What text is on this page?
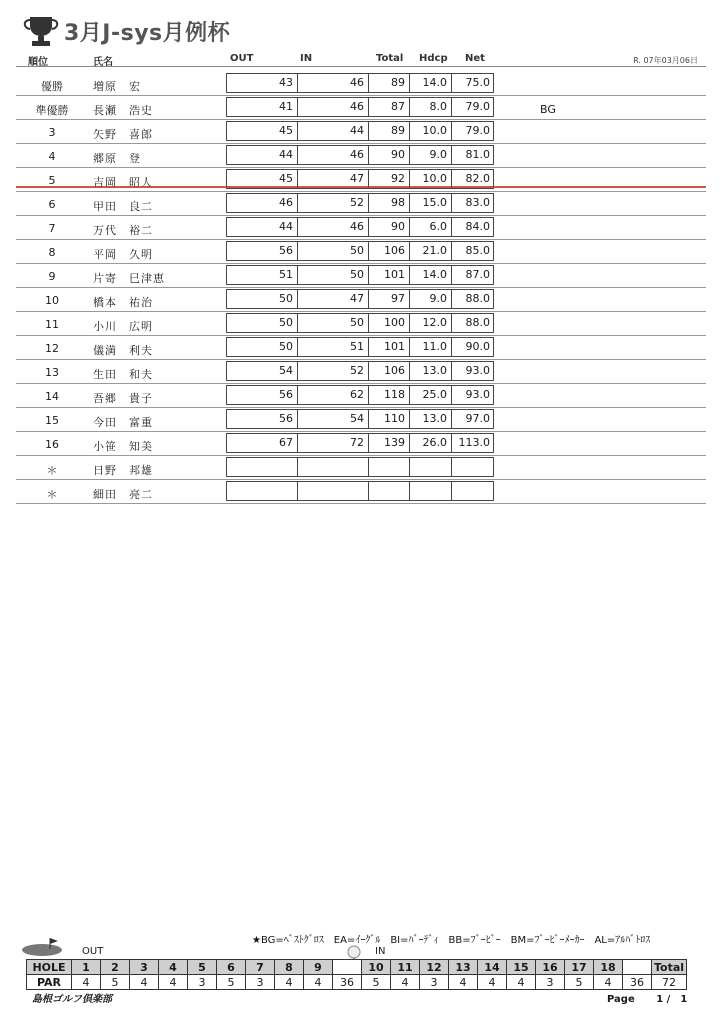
3月J-sys月例杯
R. 07年03月06日
順位	氏名	OUT	IN	Total Hdcp Net
優勝	増原　宏	43	46 89 14.0 75.0
準優勝	長瀬　浩史	41	46 87 8.0 79.0	BG
3	矢野　喜郎	45	44 89 10.0 79.0
4	郷原　登	44	46 90 9.0 81.0
5	吉岡　昭人	45	47 92 10.0 82.0
6	甲田　良二	46	52 98 15.0 83.0
7	万代　裕二	44	46 90 6.0 84.0
8	平岡　久明	56	50 106 21.0 85.0
9	片寄　巳津恵	51	50 101 14.0 87.0
10	橋本　祐治	50	47 97 9.0 88.0
11	小川　広明	50	50 100 12.0 88.0
12	儀満　利夫	50	51 101 11.0 90.0
13	生田　和夫	54	52 106 13.0 93.0
14	吾郷　貴子	56	62 118 25.0 93.0
15	今田　富重	56	54 110 13.0 97.0
16	小笹　知美	67	72 139 26.0 113.0
＊	日野　邦雄
＊	細田　亮二
★BG=ﾍﾞｽﾄｸﾞﾛｽ　EA=ｲｰｸﾞﾙ　BI=ﾊﾞｰﾃﾞｨ　BB=ﾌﾞｰﾋﾞｰ　BM=ﾌﾞｰﾋﾞｰﾒｰｶｰ　AL=ｱﾙﾊﾞﾄﾛｽ
OUT	IN
HOLE	1	2	3	4	5	6	7	8	9		10	11	12	13	14	15	16	17	18		Total
PAR	4	5	4	4	3	5	3	4	4	36	5	4	3	4	4	4	3	5	4	36	72
島根ゴルフ倶楽部	Page 1 /　1
